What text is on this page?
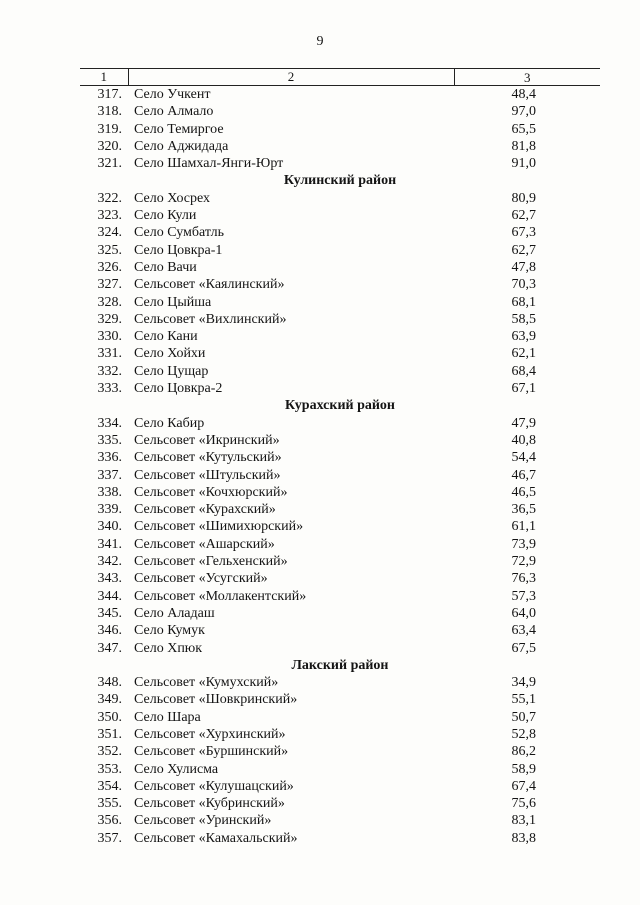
9
1	2	3
317.	Село Учкент	48,4
318.	Село Алмало	97,0
319.	Село Темиргое	65,5
320.	Село Аджидада	81,8
321.	Село Шамхал-Янги-Юрт	91,0
Кулинский район		
322.	Село Хосрех	80,9
323.	Село Кули	62,7
324.	Село Сумбатль	67,3
325.	Село Цовкра-1	62,7
326.	Село Вачи	47,8
327.	Сельсовет «Каялинский»	70,3
328.	Село Цыйша	68,1
329.	Сельсовет «Вихлинский»	58,5
330.	Село Кани	63,9
331.	Село Хойхи	62,1
332.	Село Цущар	68,4
333.	Село Цовкра-2	67,1
Курахский район		
334.	Село Кабир	47,9
335.	Сельсовет «Икринский»	40,8
336.	Сельсовет «Кутульский»	54,4
337.	Сельсовет «Штульский»	46,7
338.	Сельсовет «Кочхюрский»	46,5
339.	Сельсовет «Курахский»	36,5
340.	Сельсовет «Шимихюрский»	61,1
341.	Сельсовет «Ашарский»	73,9
342.	Сельсовет «Гельхенский»	72,9
343.	Сельсовет «Усугский»	76,3
344.	Сельсовет «Моллакентский»	57,3
345.	Село Аладаш	64,0
346.	Село Кумук	63,4
347.	Село Хпюк	67,5
Лакский район		
348.	Сельсовет «Кумухский»	34,9
349.	Сельсовет «Шовкринский»	55,1
350.	Село Шара	50,7
351.	Сельсовет «Хурхинский»	52,8
352.	Сельсовет «Буршинский»	86,2
353.	Село Хулисма	58,9
354.	Сельсовет «Кулушацский»	67,4
355.	Сельсовет «Кубринский»	75,6
356.	Сельсовет «Уринский»	83,1
357.	Сельсовет «Камахальский»	83,8
